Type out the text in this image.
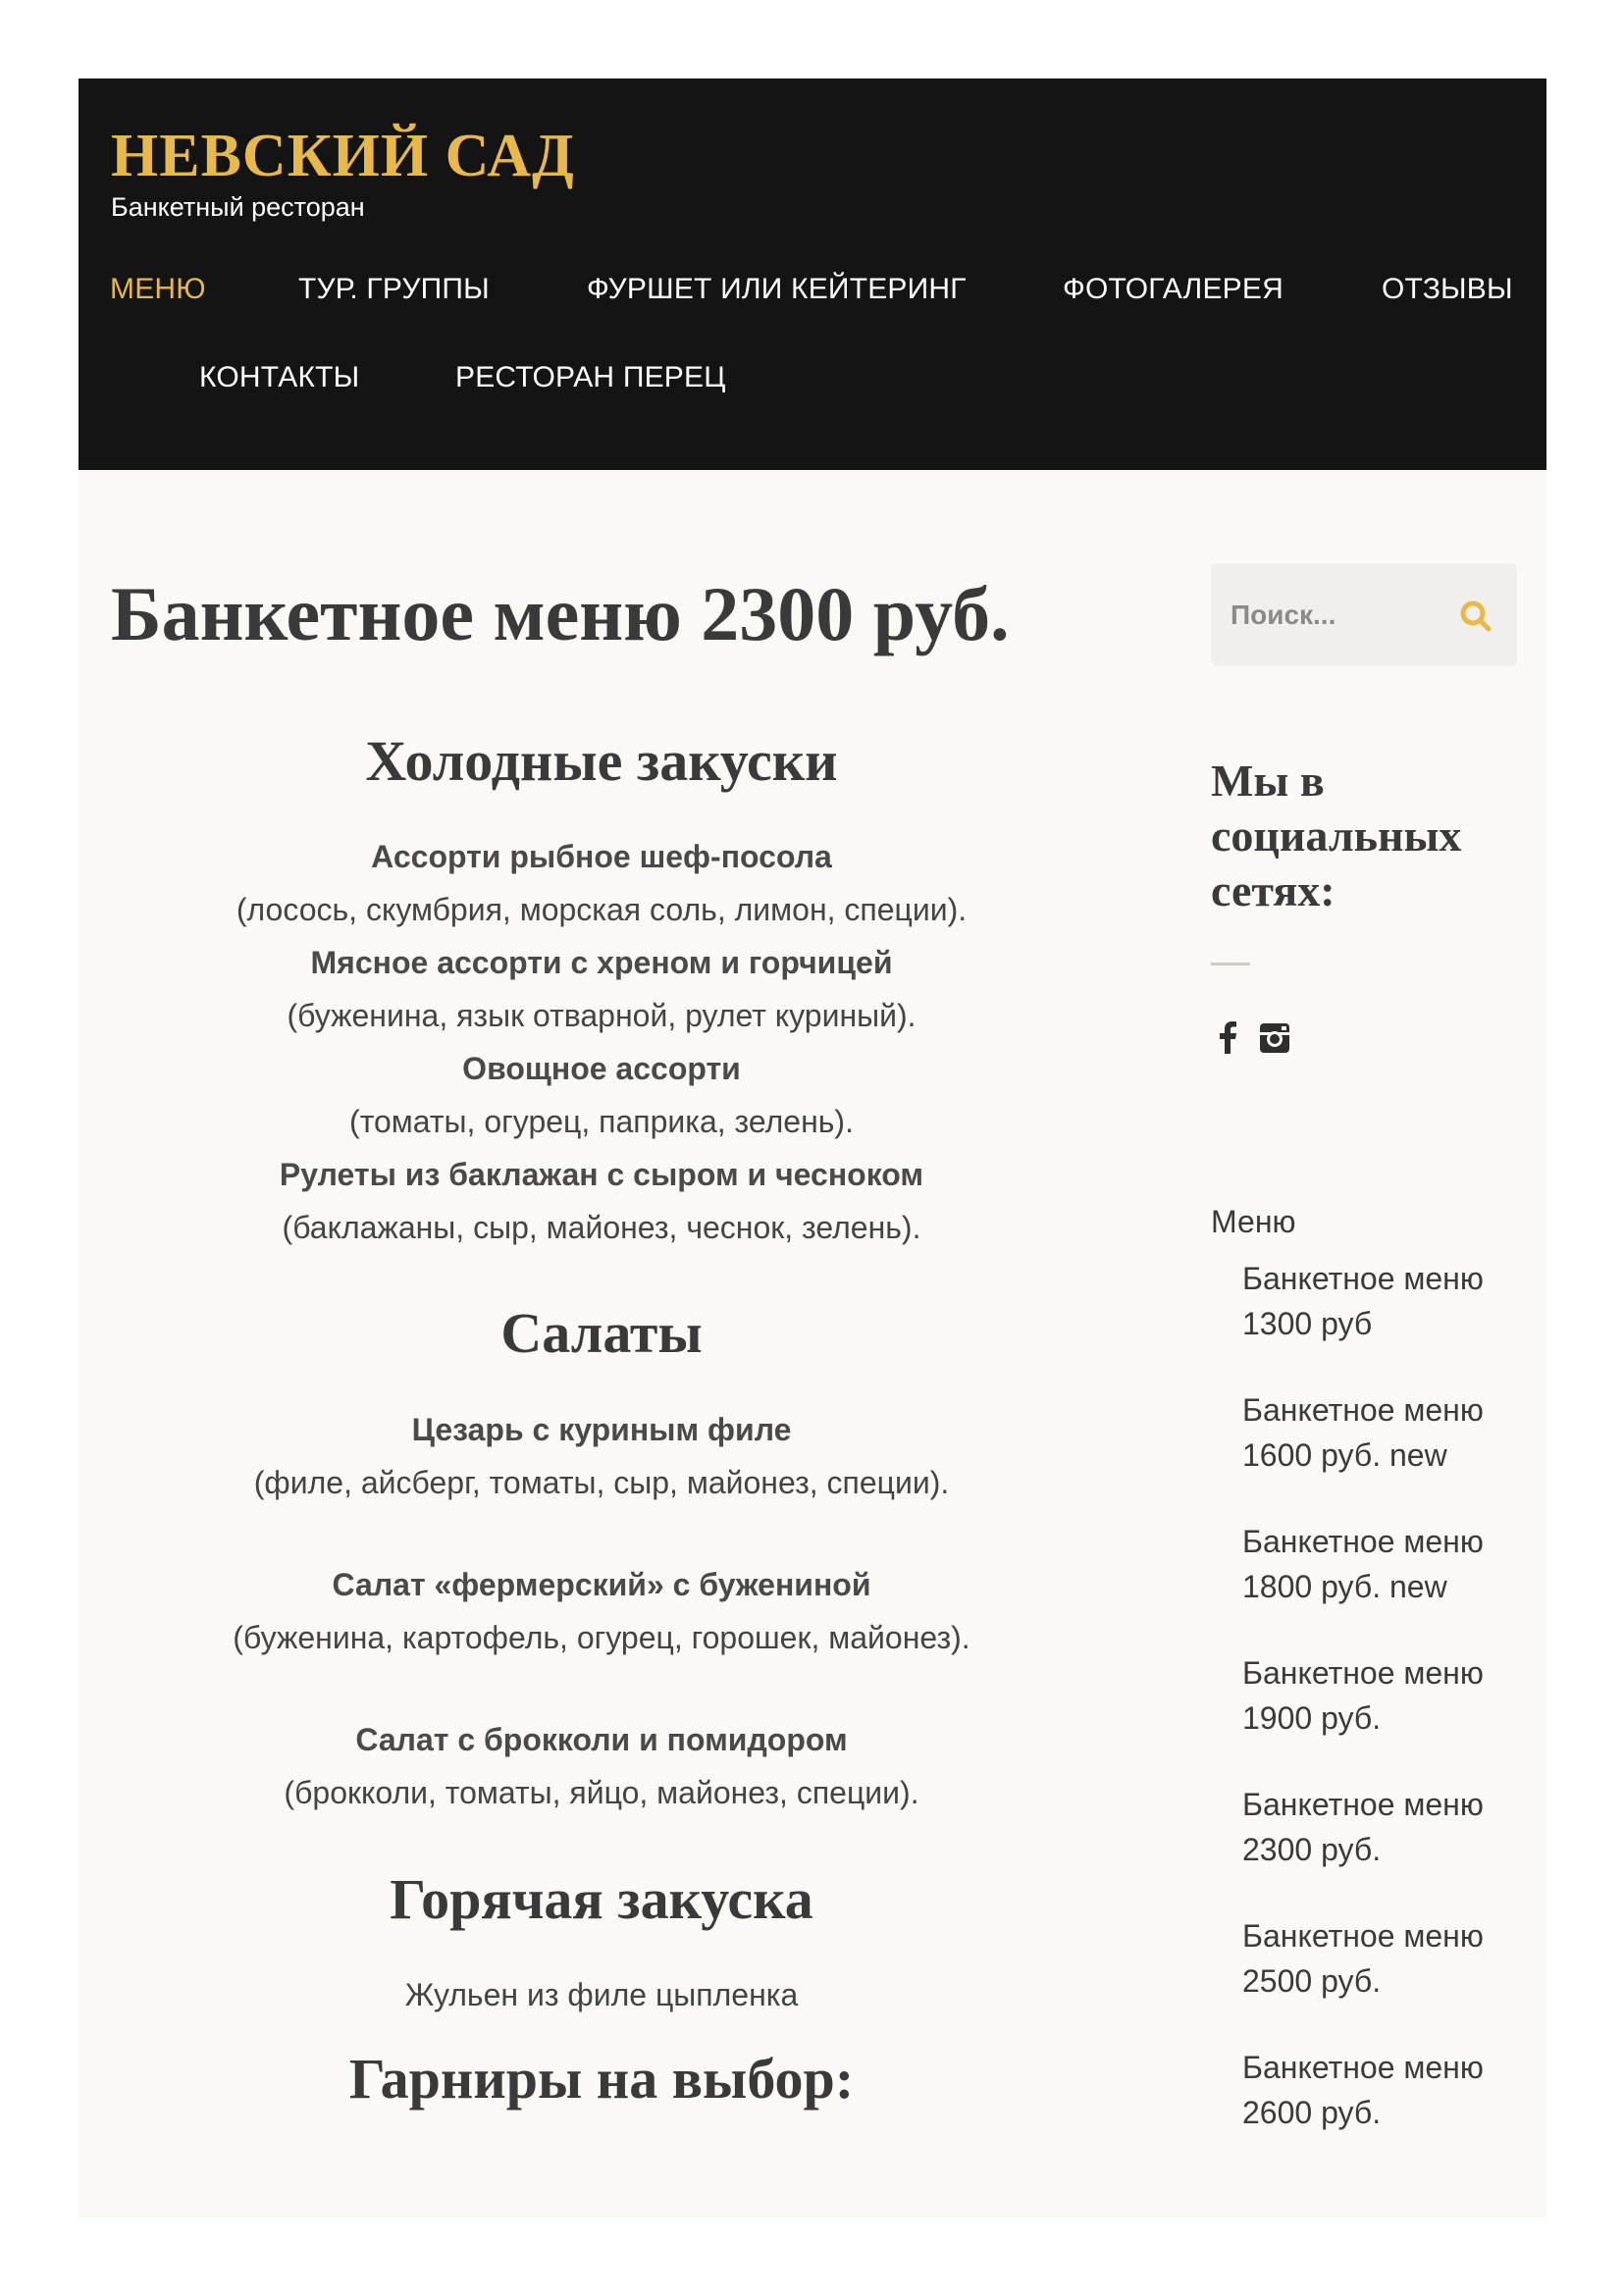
НЕВСКИЙ САД
Банкетный ресторан
МЕНЮ	ТУР. ГРУППЫ	ФУРШЕТ ИЛИ КЕЙТЕРИНГ	ФОТОГАЛЕРЕЯ	ОТЗЫВЫ
КОНТАКТЫ	РЕСТОРАН ПЕРЕЦ
Банкетное меню 2300 руб.
Холодные закуски
Ассорти рыбное шеф-посола
(лосось, скумбрия, морская соль, лимон, специи).
Мясное ассорти с хреном и горчицей
(буженина, язык отварной, рулет куриный).
Овощное ассорти
(томаты, огурец, паприка, зелень).
Рулеты из баклажан с сыром и чесноком
(баклажаны, сыр, майонез, чеснок, зелень).
Салаты
Цезарь с куриным филе
(филе, айсберг, томаты, сыр, майонез, специи).
Салат «фермерский» с бужениной
(буженина, картофель, огурец, горошек, майонез).
Салат с брокколи и помидором
(брокколи, томаты, яйцо, майонез, специи).
Горячая закуска
Жульен из филе цыпленка
Гарниры на выбор:
Поиск...
Мы в социальных сетях:
Меню
Банкетное меню
1300 руб
Банкетное меню
1600 руб. new
Банкетное меню
1800 руб. new
Банкетное меню
1900 руб.
Банкетное меню
2300 руб.
Банкетное меню
2500 руб.
Банкетное меню
2600 руб.
